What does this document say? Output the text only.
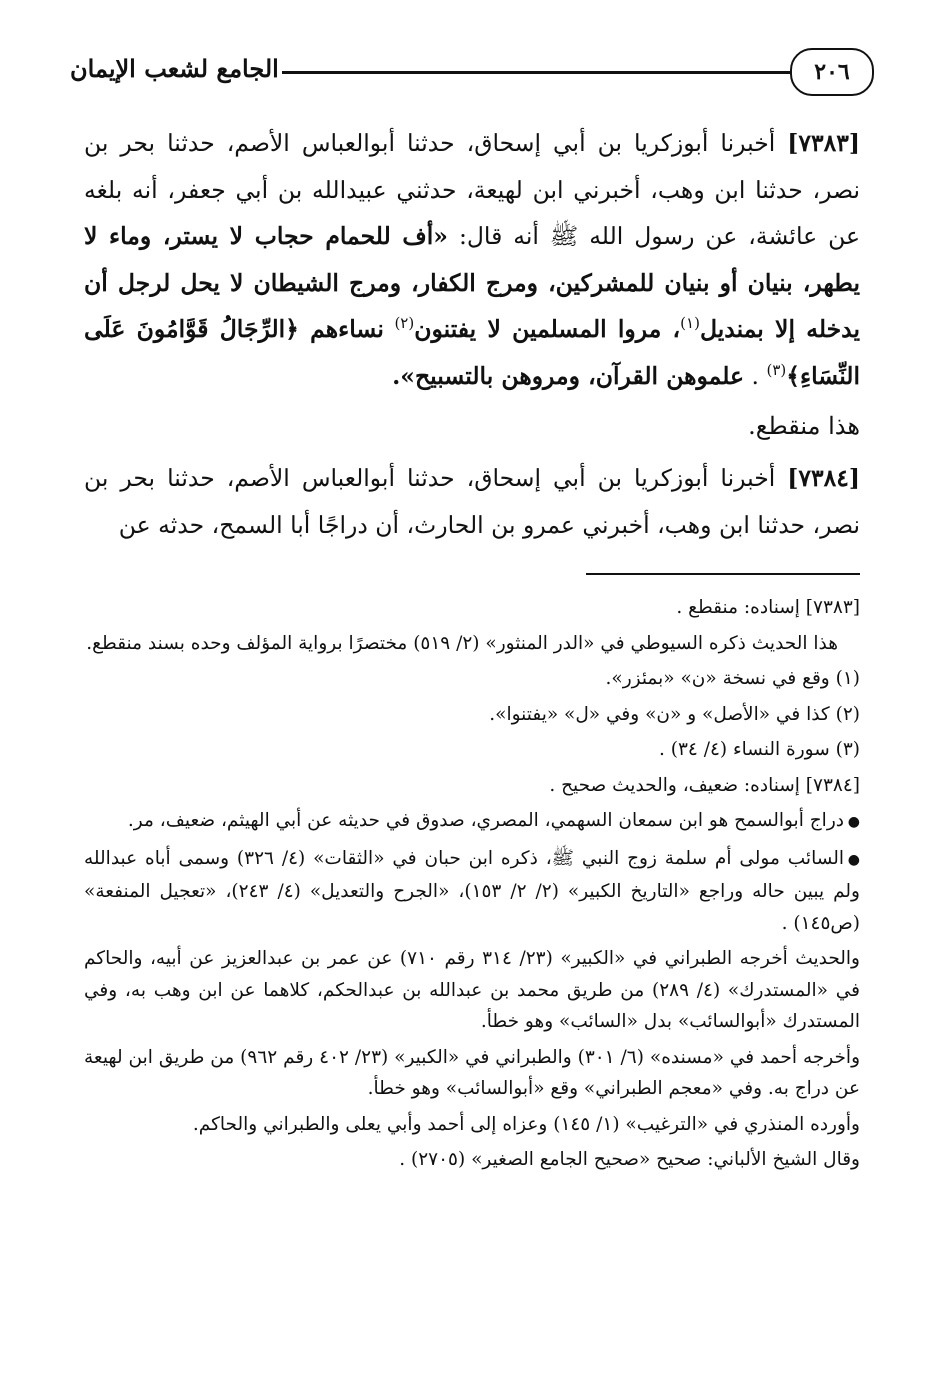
٢٠٦
الجامع لشعب الإيمان

[٧٣٨٣] أخبرنا أبوزكريا بن أبي إسحاق، حدثنا أبوالعباس الأصم، حدثنا بحر بن نصر، حدثنا ابن وهب، أخبرني ابن لهيعة، حدثني عبيدالله بن أبي جعفر، أنه بلغه عن عائشة، عن رسول الله ﷺ أنه قال: «أف للحمام حجاب لا يستر، وماء لا يطهر، بنيان أو بنيان للمشركين، ومرج الكفار، ومرج الشيطان لا يحل لرجل أن يدخله إلا بمنديل$^{(١)}$، مروا المسلمين لا يفتنون$^{(٢)}$ نساءهم ﴿الرِّجَالُ قَوَّامُونَ عَلَى النِّسَاءِ﴾$^{(٣)}$ . علموهن القرآن، ومروهن بالتسبيح».

هذا منقطع.

[٧٣٨٤] أخبرنا أبوزكريا بن أبي إسحاق، حدثنا أبوالعباس الأصم، حدثنا بحر بن نصر، حدثنا ابن وهب، أخبرني عمرو بن الحارث، أن دراجًا أبا السمح، حدثه عن

[٧٣٨٣] إسناده: منقطع .

هذا الحديث ذكره السيوطي في «الدر المنثور» (٢/ ٥١٩) مختصرًا برواية المؤلف وحده بسند منقطع.

(١) وقع في نسخة «ن» «بمئزر».

(٢) كذا في «الأصل» و «ن» وفي «ل» «يفتنوا».

(٣) سورة النساء (٤/ ٣٤) .

[٧٣٨٤] إسناده: ضعيف، والحديث صحيح .

●دراج أبوالسمح هو ابن سمعان السهمي، المصري، صدوق في حديثه عن أبي الهيثم، ضعيف، مر.

●السائب مولى أم سلمة زوج النبي ﷺ، ذكره ابن حبان في «الثقات» (٤/ ٣٢٦) وسمى أباه عبدالله ولم يبين حاله وراجع «التاريخ الكبير» (٢/ ٢/ ١٥٣)، «الجرح والتعديل» (٤/ ٢٤٣)، «تعجيل المنفعة» (ص١٤٥) .

والحديث أخرجه الطبراني في «الكبير» (٢٣/ ٣١٤ رقم ٧١٠) عن عمر بن عبدالعزيز عن أبيه، والحاكم في «المستدرك» (٤/ ٢٨٩) من طريق محمد بن عبدالله بن عبدالحكم، كلاهما عن ابن وهب به، وفي المستدرك «أبوالسائب» بدل «السائب» وهو خطأ.

وأخرجه أحمد في «مسنده» (٦/ ٣٠١) والطبراني في «الكبير» (٢٣/ ٤٠٢ رقم ٩٦٢) من طريق ابن لهيعة عن دراج به. وفي «معجم الطبراني» وقع «أبوالسائب» وهو خطأ.

وأورده المنذري في «الترغيب» (١/ ١٤٥) وعزاه إلى أحمد وأبي يعلى والطبراني والحاكم.

وقال الشيخ الألباني: صحيح «صحيح الجامع الصغير» (٢٧٠٥) .
